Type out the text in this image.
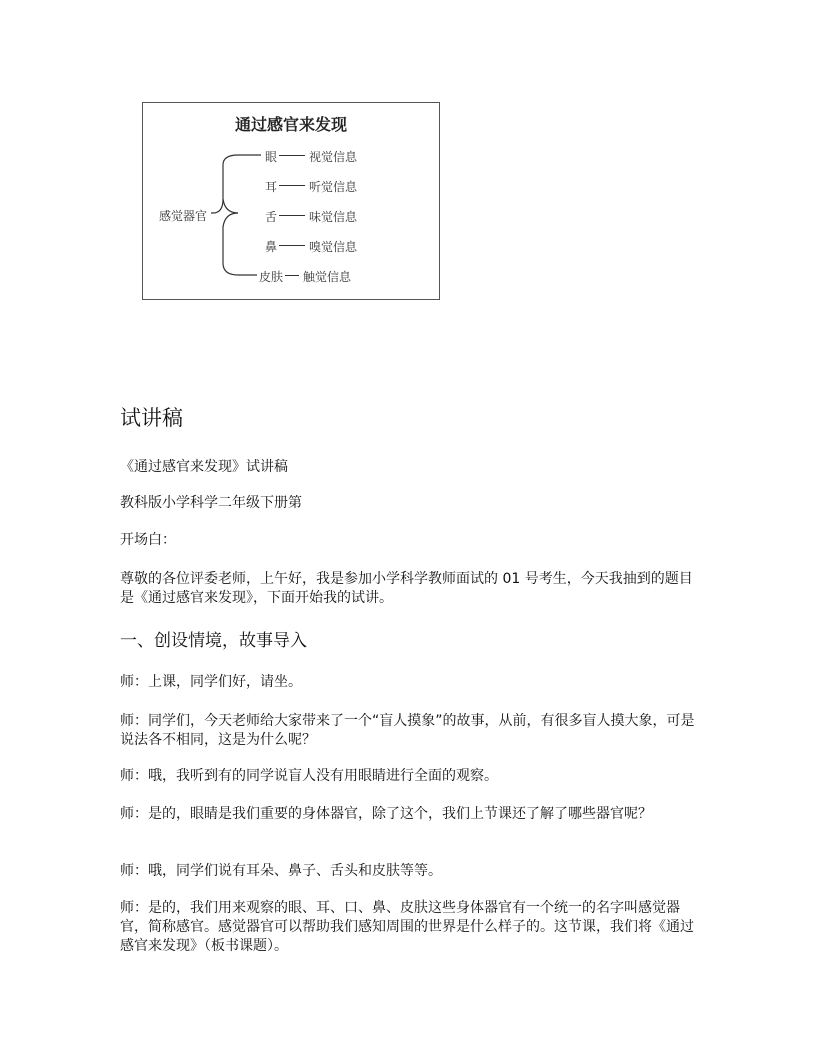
通过感官来发现
感觉器官
眼	视觉信息
耳	听觉信息
舌	味觉信息
鼻	嗅觉信息
皮肤 触觉信息
试讲稿
《通过感官来发现》试讲稿
教科版小学科学二年级下册第
开场白：
尊敬的各位评委老师，上午好，我是参加小学科学教师面试的 01 号考生，今天我抽到的题目是《通过感官来发现》，下面开始我的试讲。
一、创设情境，故事导入
师：上课，同学们好，请坐。
师：同学们，今天老师给大家带来了一个“盲人摸象”的故事，从前，有很多盲人摸大象，可是说法各不相同，这是为什么呢？
师：哦，我听到有的同学说盲人没有用眼睛进行全面的观察。
师：是的，眼睛是我们重要的身体器官，除了这个，我们上节课还了解了哪些器官呢？
师：哦，同学们说有耳朵、鼻子、舌头和皮肤等等。
师：是的，我们用来观察的眼、耳、口、鼻、皮肤这些身体器官有一个统一的名字叫感觉器官，简称感官。感觉器官可以帮助我们感知周围的世界是什么样子的。这节课，我们将《通过感官来发现》（板书课题）。
